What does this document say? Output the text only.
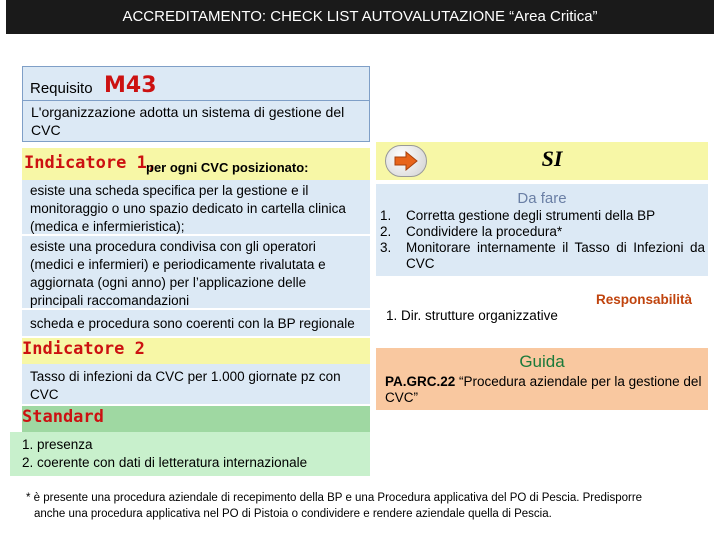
ACCREDITAMENTO: CHECK LIST AUTOVALUTAZIONE “Area Critica”
Requisito M43
L'organizzazione adotta un sistema di gestione del CVC
Indicatore 1,
per ogni CVC posizionato:
esiste una scheda specifica per la gestione e il monitoraggio o uno spazio dedicato in cartella clinica (medica e infermieristica);
esiste una procedura condivisa con gli operatori (medici e infermieri) e periodicamente rivalutata e aggiornata (ogni anno) per l’applicazione delle principali raccomandazioni
scheda e procedura sono coerenti con la BP regionale
Indicatore 2
Tasso di infezioni da CVC per 1.000 giornate pz con CVC
Standard
1. presenza
2. coerente con dati di letteratura internazionale
SI
Da fare
1.	Corretta gestione degli strumenti della BP
2.	Condividere la procedura*
3.	Monitorare internamente il Tasso di Infezioni da CVC
Responsabilità
1. Dir. strutture organizzative
Guida
PA.GRC.22 “Procedura aziendale per la gestione del CVC”
* è presente una procedura aziendale di recepimento della BP e una Procedura applicativa del PO di Pescia. Predisporre
anche una procedura applicativa nel PO di Pistoia o condividere e rendere aziendale quella di Pescia.
